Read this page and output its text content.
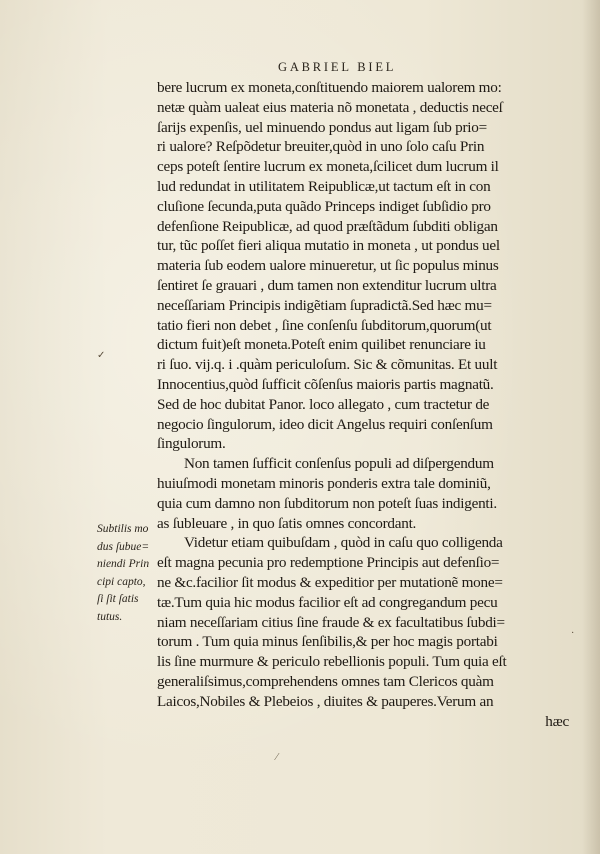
GABRIEL BIEL
bere lucrum ex moneta,conſtituendo maiorem ualorem mo:
netæ quàm ualeat eius materia nõ monetata , deductis neceſ
ſarijs expenſis, uel minuendo pondus aut ligam ſub prio=
ri ualore? Reſpõdetur breuiter,quòd in uno ſolo caſu Prin
ceps poteſt ſentire lucrum ex moneta,ſcilicet dum lucrum il
lud redundat in utilitatem Reipublicæ,ut tactum eſt in con
cluſione ſecunda,puta quãdo Princeps indiget ſubſidio pro
defenſione Reipublicæ, ad quod præſtãdum ſubditi obligan
tur, tũc poſſet fieri aliqua mutatio in moneta , ut pondus uel
materia ſub eodem ualore minueretur, ut ſic populus minus
ſentiret ſe grauari , dum tamen non extenditur lucrum ultra
neceſſariam Principis indigẽtiam ſupradictã.Sed hæc mu=
tatio fieri non debet , ſine conſenſu ſubditorum,quorum(ut
dictum fuit)eſt moneta.Poteſt enim quilibet renunciare iu
ri ſuo. vij.q. i .quàm periculoſum. Sic & cõmunitas. Et uult
Innocentius,quòd ſufficit cõſenſus maioris partis magnatũ.
Sed de hoc dubitat Panor. loco allegato , cum tractetur de
negocio ſingulorum, ideo dicit Angelus requiri conſenſum
ſingulorum.
Non tamen ſufficit conſenſus populi ad diſpergendum
huiuſmodi monetam minoris ponderis extra tale dominiũ,
quia cum damno non ſubditorum non poteſt ſuas indigenti.
as ſubleuare , in quo ſatis omnes concordant.
Videtur etiam quibuſdam , quòd in caſu quo colligenda
eſt magna pecunia pro redemptione Principis aut defenſio=
ne &c.facilior ſit modus & expeditior per mutationẽ mone=
tæ.Tum quia hic modus facilior eſt ad congregandum pecu
niam neceſſariam citius ſine fraude & ex facultatibus ſubdi=
torum . Tum quia minus ſenſibilis,& per hoc magis portabi
lis ſine murmure & periculo rebellionis populi. Tum quia eſt
generaliſsimus,comprehendens omnes tam Clericos quàm
Laicos,Nobiles & Plebeios , diuites & pauperes.Verum an
hæc
Subtilis mo
dus ſubue=
niendi Prin
cipi capto,
ſi ſit ſatis
tutus.
✓
·
⁄
